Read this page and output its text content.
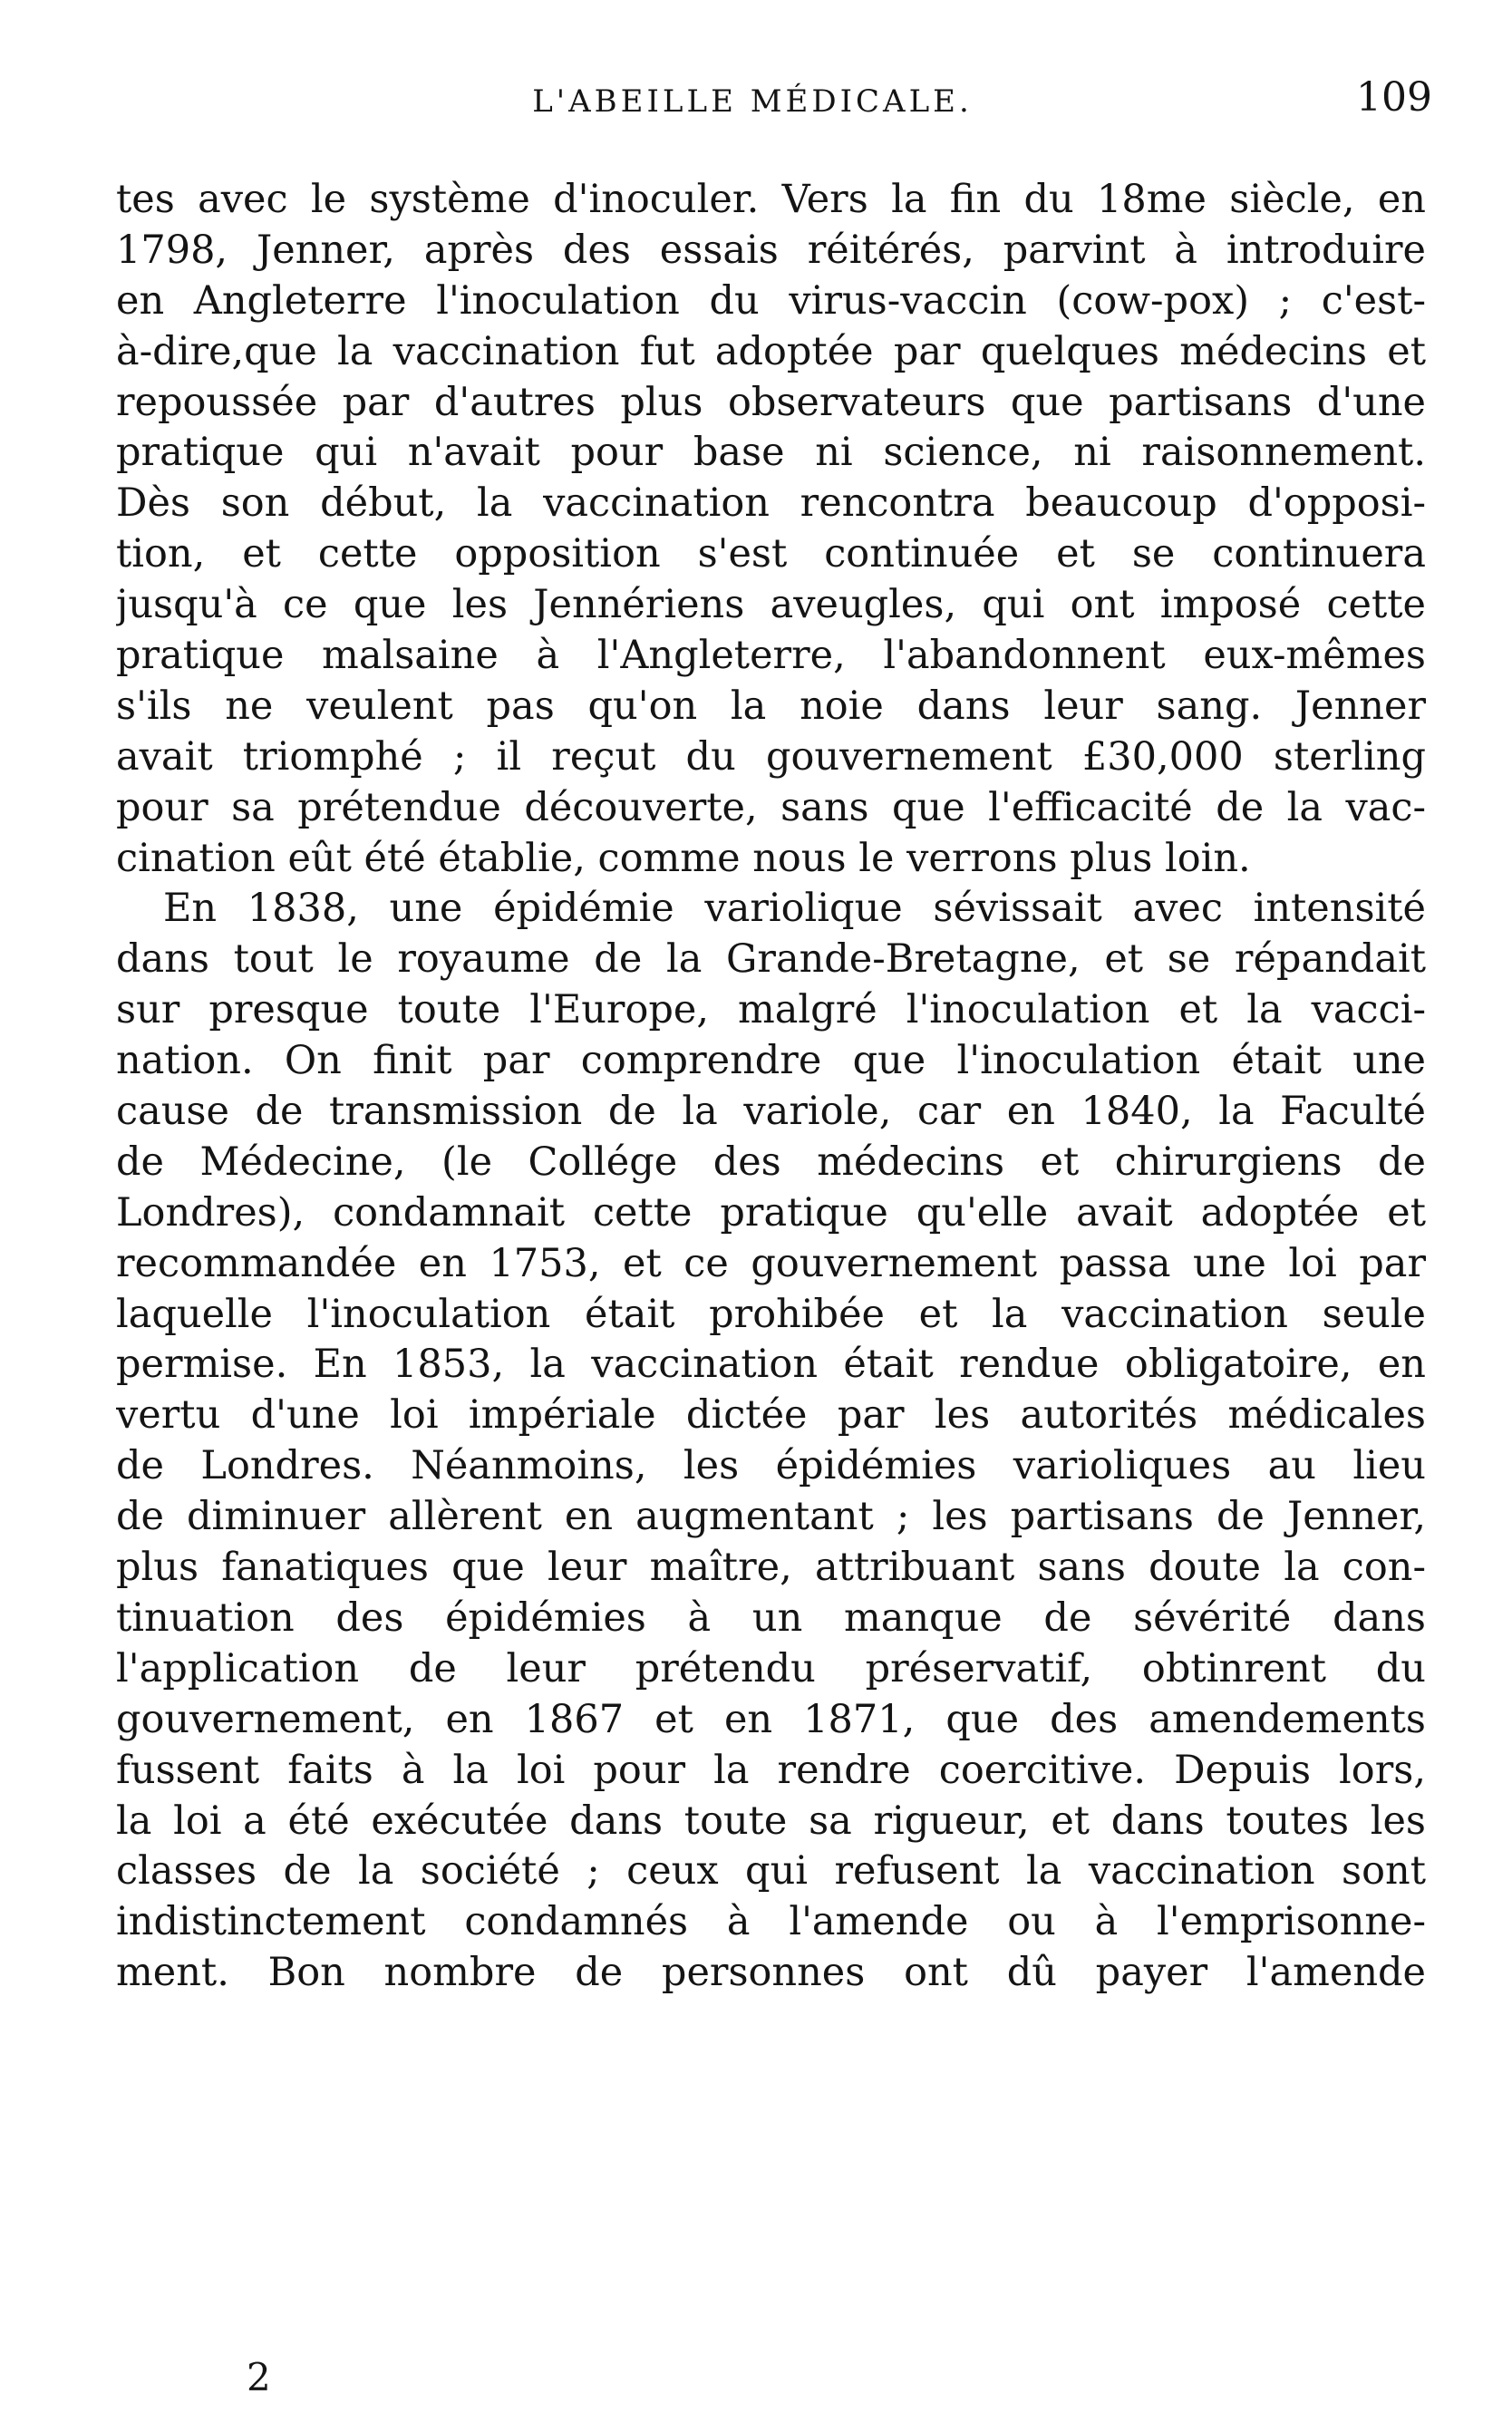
L'ABEILLE MÉDICALE.	109
tes avec le système d'inoculer. Vers la fin du 18me siècle, en
1798, Jenner, après des essais réitérés, parvint à introduire
en Angleterre l'inoculation du virus-vaccin (cow-pox) ; c'est-
à-dire,que la vaccination fut adoptée par quelques médecins et
repoussée par d'autres plus observateurs que partisans d'une
pratique qui n'avait pour base ni science, ni raisonnement.
Dès son début, la vaccination rencontra beaucoup d'opposi-
tion, et cette opposition s'est continuée et se continuera
jusqu'à ce que les Jennériens aveugles, qui ont imposé cette
pratique malsaine à l'Angleterre, l'abandonnent eux-mêmes
s'ils ne veulent pas qu'on la noie dans leur sang. Jenner
avait triomphé ; il reçut du gouvernement £30,000 sterling
pour sa prétendue découverte, sans que l'efficacité de la vac-
cination eût été établie, comme nous le verrons plus loin.
En 1838, une épidémie variolique sévissait avec intensité
dans tout le royaume de la Grande-Bretagne, et se répandait
sur presque toute l'Europe, malgré l'inoculation et la vacci-
nation. On finit par comprendre que l'inoculation était une
cause de transmission de la variole, car en 1840, la Faculté
de Médecine, (le Collége des médecins et chirurgiens de
Londres), condamnait cette pratique qu'elle avait adoptée et
recommandée en 1753, et ce gouvernement passa une loi par
laquelle l'inoculation était prohibée et la vaccination seule
permise. En 1853, la vaccination était rendue obligatoire, en
vertu d'une loi impériale dictée par les autorités médicales
de Londres. Néanmoins, les épidémies varioliques au lieu
de diminuer allèrent en augmentant ; les partisans de Jenner,
plus fanatiques que leur maître, attribuant sans doute la con-
tinuation des épidémies à un manque de sévérité dans
l'application de leur prétendu préservatif, obtinrent du
gouvernement, en 1867 et en 1871, que des amendements
fussent faits à la loi pour la rendre coercitive. Depuis lors,
la loi a été exécutée dans toute sa rigueur, et dans toutes les
classes de la société ; ceux qui refusent la vaccination sont
indistinctement condamnés à l'amende ou à l'emprisonne-
ment. Bon nombre de personnes ont dû payer l'amende
2
